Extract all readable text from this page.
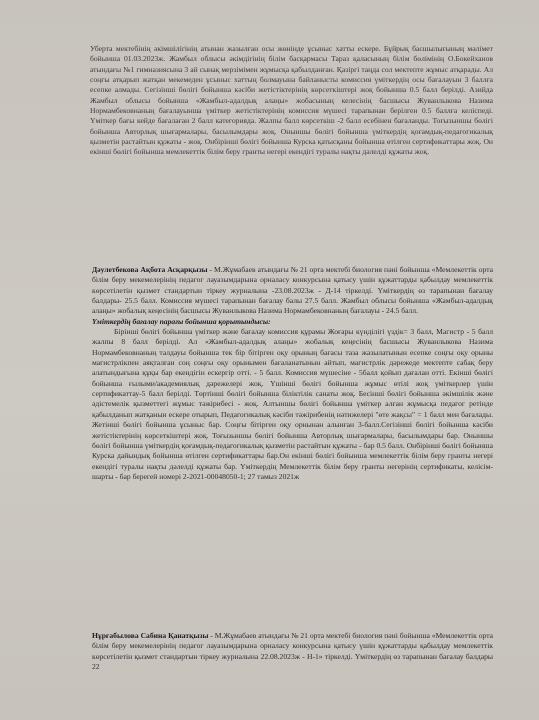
Уберта мектебінің әкімшілігінің атынан жазылған осы жөнінде ұсыныс хатты ескере. Бұйрық басшылығының мәлімет бойынша 01.03.2023ж. Жамбыл облысы әкімдігінің білім басқармасы Тараз қаласының білім бөлімінің О.Бокейханов атындағы №1 гимназиясына 3 ай сынақ мерзімімен жұмысқа қабылданған. Қазіргі таңда сол мектепте жұмыс атқарады. Ал соңғы атқарып жатқан мекемеден ұсыныс хаттың болмауына байланысты комиссия үміткердің осы бағалауын 3 баллға есепке алмады. Сегізінші бөлігі бойынша кәсіби жетістіктерінің көрсеткіштері жоқ бойынша 0.5 балл берілді. Азийда Жамбыл облысы бойынша «Жамбыл-адалдық алаңы» жобасының келесінің басшысы Жуванлыкова Назима Нормамбековнаның бағалауынша үміткер жетістіктерінің комиссия мүшесі тарапынан берілген 0.5 баллға келіспеді. Үміткер бағы кейде бағалаған 2 балл категорияда. Жалпы балл көрсеткіш -2 балл есебінен бағаланды. Тоғызыншы бөлігі бойынша Авторлық шығармалары, басылымдары жоқ. Оныншы бөлігі бойынша үміткердің қоғамдық-педагогикалық қызметін растайтын құжаты - жоқ. Онбірінші бөлігі бойынша Курска қатысқаны бойынша өтілген сертификаттары жоқ. Он екінші бөлігі бойынша мемлекеттік білім беру гранты негері екендігі туралы нақты дәлелді құжаты жоқ.

Дәулетбекова Ақбота Асқарқызы - М.Жұмабаев атындағы № 21 орта мектебі биология пәні бойынша «Мемлекеттік орта білім беру мекемелерінің педагог лауазымдарына орналасу конкурсына қатысу үшін құжаттарды қабылдау мемлекеттік көрсетілетін қызмет стандартын тіркеу журналына -23.08.2023ж - Д-14 тіркелді. Үміткердің өз тарапынан бағалау балдары- 25.5 балл. Комиссия мүшесі тарапынан бағалау балы 27.5 балл. Жамбыл облысы бойынша «Жамбыл-адалдық алаңы» жобалық кеңесінің басшысы Жуванлыкова Назима Нормамбековнаның бағалауы - 24.5 балл.
Үміткердің бағалау парағы бойынша қорытындысы:
Бірінші бөлігі бойынша үміткер және бағалау комиссия құрамы Жоғары күнділігі үздік= 3 балл, Магистр - 5 балл жалпы 8 балл берілді. Ал «Жамбыл-адалдық алаңы» жобалық кеңесінің басшысы Жуванлыкова Назима Нормамбековнаның талдауы бойынша тек бір бітірген оқу орының бағасы таза жазылатынын есепке соңғы оқу орыны магистрлікпен аяқталған соң соңғы оқу орынымен бағаланатынын айтып, магистрлік дәрежеде мектепте сабақ беру алатындығына құқы бар екендігін ескергір отті. - 5 балл. Комиссия мүшесіне - 5балл қойып дағалан отті. Екінші бөлігі бойынша ғылыми/академиялық дәрежелері жоқ. Үшінші бөлігі бойынша жұмыс өтілі жоқ үміткерлер үшін сертификаттау-5 балл берілді. Төртінші бөлігі бойынша біліктілік санаты жоқ. Бесінші бөлігі бойынша әкімшілік және әдістемелік қызметтегі жұмыс тәжірибесі - жоқ. Алтыншы бөлігі бойынша үміткер алған жұмысқа педагог ретінде қабылданып жатқанын ескере отырып, Педагогикалық кәсіби тәжірибенің нәтижелері "өте жақсы" = 1 балл мен бағалады. Жетінші бөлігі бойынша ұсыныс бар. Соңғы бітірген оқу орнынан алынған 3-балл.Сегізінші бөлігі бойынша кәсіби жетістіктерінің көрсеткіштері жоқ. Тоғызыншы бөлігі бойынша Авторлық шығармалары, басылымдары бар. Оныншы бөлігі бойынша үміткердің қоғамдық-педагогикалық қызметін растайтын құжаты - бар 0.5 балл. Онбірінші бөлігі бойынша Курска дайындық бойынша өтілген сертификаттары бар.Он екінші бөлігі бойынша мемлекеттік білім беру гранты негері екендігі туралы нақты дәлелді құжаты бар. Үміткердің Мемлекеттік білім беру гранты негерінің сертификаты, келісім-шарты - бар берегей номері 2-2021-00048050-1; 27 тамыз 2021ж

Нұрғабылова Сабина Қанатқызы - М.Жұмабаев атындағы № 21 орта мектебі биология пәні бойынша «Мемлекеттік орта білім беру мекемелерінің педагог лауазымдарына орналасу конкурсына қатысу үшін құжаттарды қабылдау мемлекеттік көрсетілетін қызмет стандартын тіркеу журналына 22.08.2023ж - Н-1» тіркелді. Үміткердің өз тарапынан бағалау балдары 22
